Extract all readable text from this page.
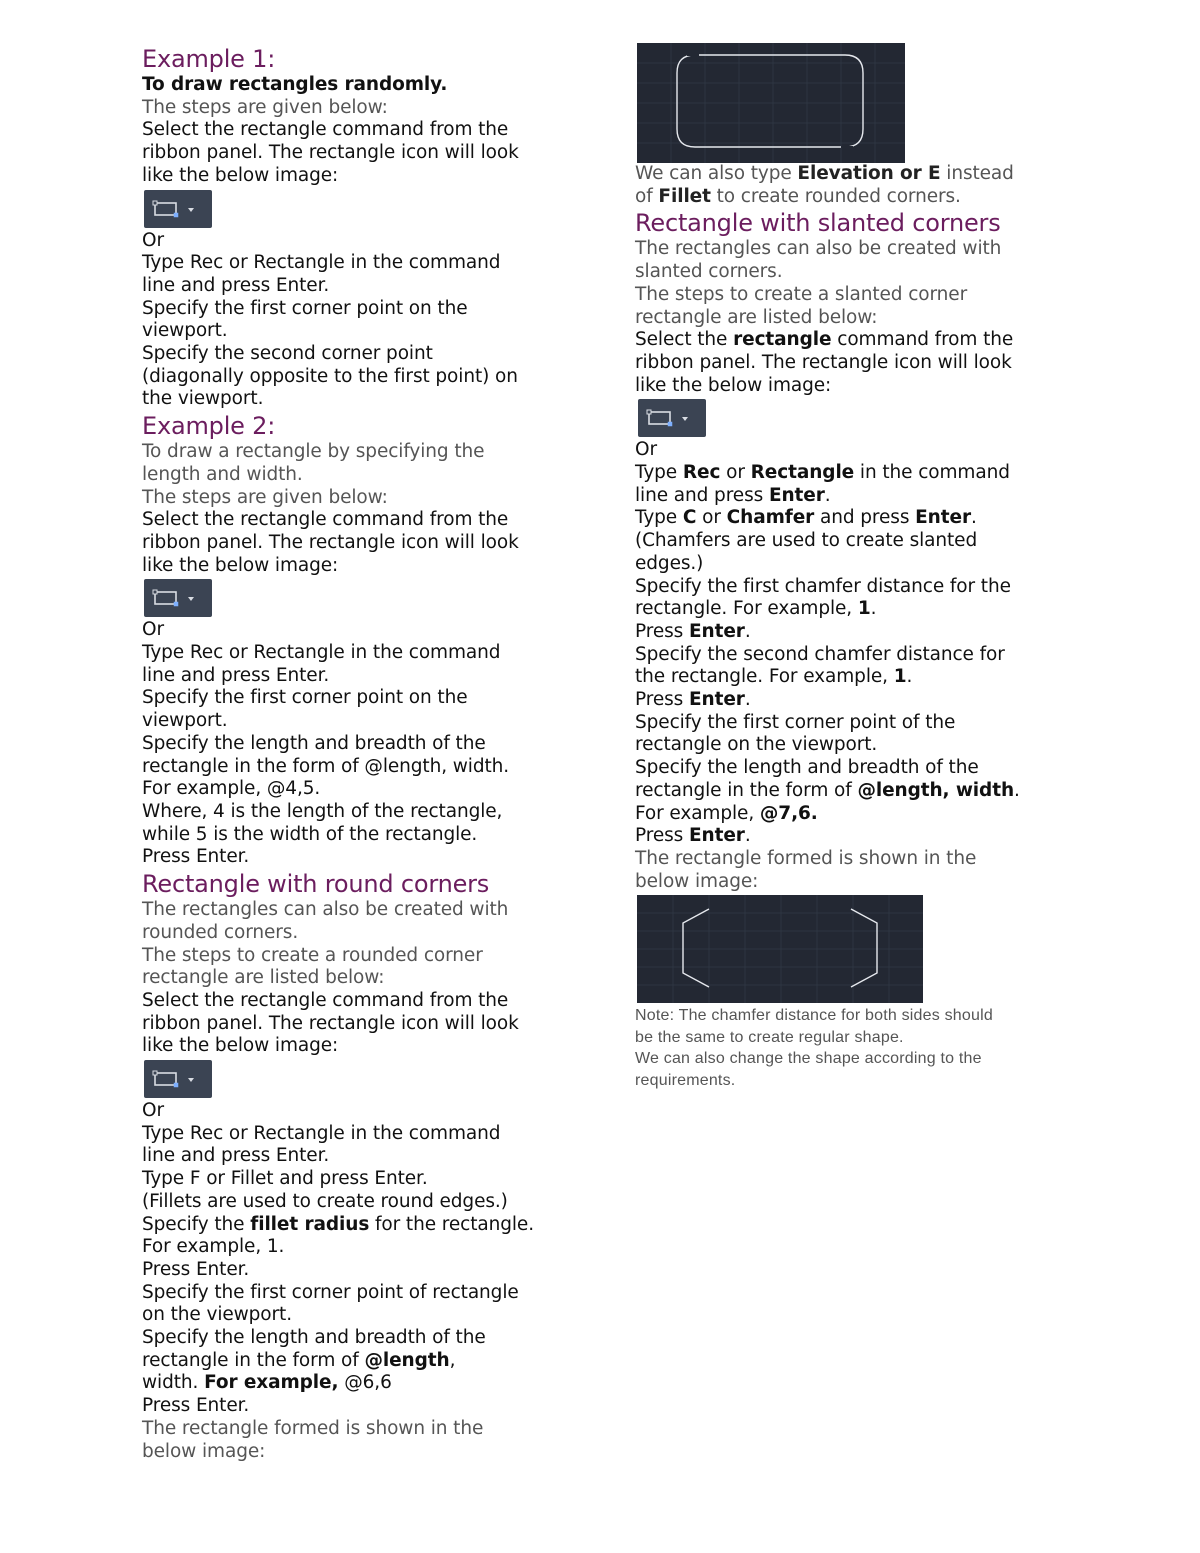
Example 1:
To draw rectangles randomly.
The steps are given below:
Select the rectangle command from the
ribbon panel. The rectangle icon will look
like the below image:
Or
Type Rec or Rectangle in the command
line and press Enter.
Specify the first corner point on the
viewport.
Specify the second corner point
(diagonally opposite to the first point) on
the viewport.
Example 2:
To draw a rectangle by specifying the
length and width.
The steps are given below:
Select the rectangle command from the
ribbon panel. The rectangle icon will look
like the below image:
Or
Type Rec or Rectangle in the command
line and press Enter.
Specify the first corner point on the
viewport.
Specify the length and breadth of the
rectangle in the form of @length, width.
For example, @4,5.
Where, 4 is the length of the rectangle,
while 5 is the width of the rectangle.
Press Enter.
Rectangle with round corners
The rectangles can also be created with
rounded corners.
The steps to create a rounded corner
rectangle are listed below:
Select the rectangle command from the
ribbon panel. The rectangle icon will look
like the below image:
Or
Type Rec or Rectangle in the command
line and press Enter.
Type F or Fillet and press Enter.
(Fillets are used to create round edges.)
Specify the fillet radius for the rectangle.
For example, 1.
Press Enter.
Specify the first corner point of rectangle
on the viewport.
Specify the length and breadth of the
rectangle in the form of @length,
width. For example, @6,6
Press Enter.
The rectangle formed is shown in the
below image:
We can also type Elevation or E instead
of Fillet to create rounded corners.
Rectangle with slanted corners
The rectangles can also be created with
slanted corners.
The steps to create a slanted corner
rectangle are listed below:
Select the rectangle command from the
ribbon panel. The rectangle icon will look
like the below image:
Or
Type Rec or Rectangle in the command
line and press Enter.
Type C or Chamfer and press Enter.
(Chamfers are used to create slanted
edges.)
Specify the first chamfer distance for the
rectangle. For example, 1.
Press Enter.
Specify the second chamfer distance for
the rectangle. For example, 1.
Press Enter.
Specify the first corner point of the
rectangle on the viewport.
Specify the length and breadth of the
rectangle in the form of @length, width.
For example, @7,6.
Press Enter.
The rectangle formed is shown in the
below image:
Note: The chamfer distance for both sides should
be the same to create regular shape.
We can also change the shape according to the
requirements.
